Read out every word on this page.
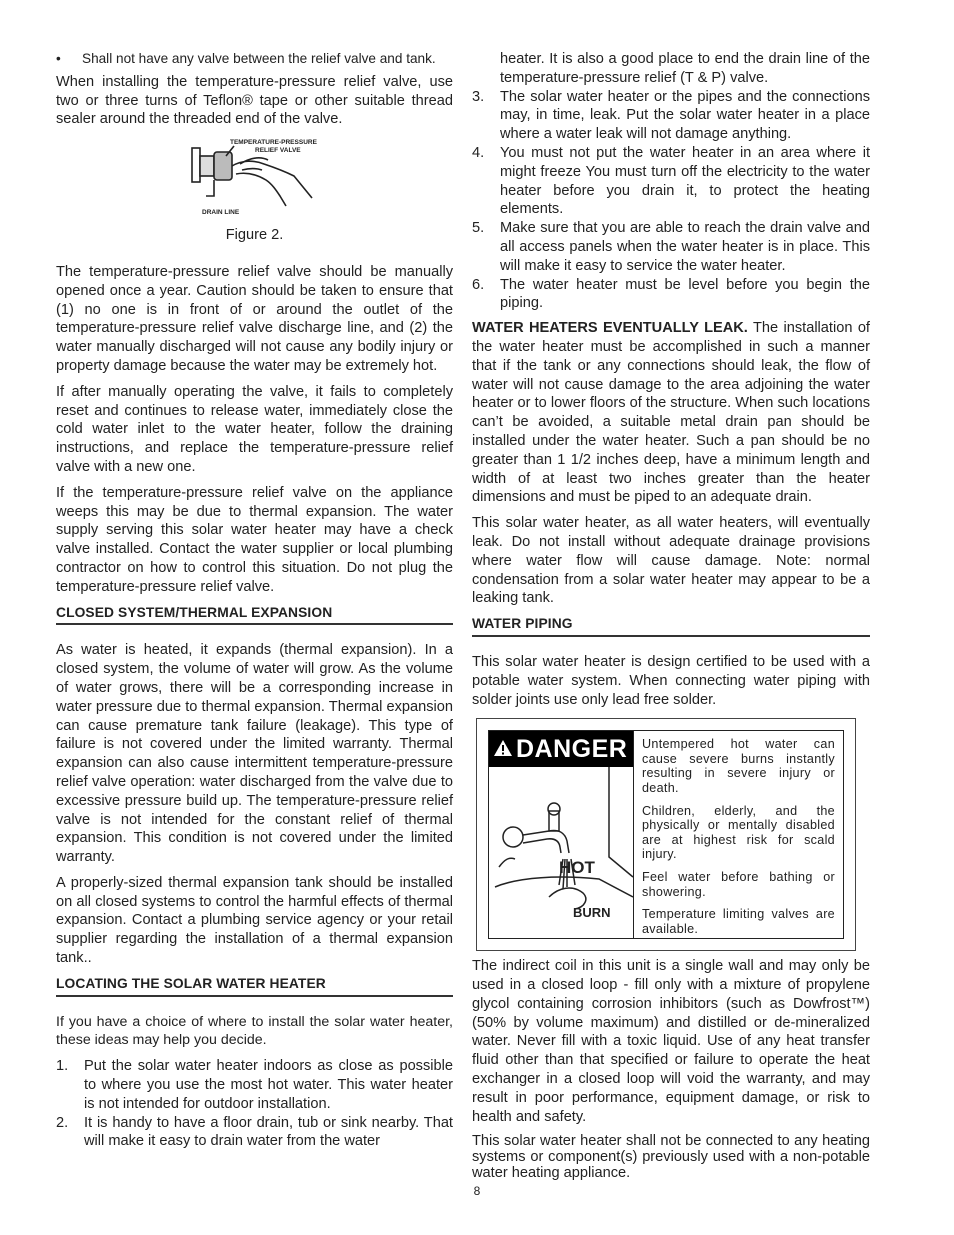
•	Shall not have any valve between the relief valve and tank.

When installing the temperature-pressure relief valve, use two or three turns of Teflon® tape or other suitable thread sealer around the threaded end of the valve.

TEMPERATURE-PRESSURE
RELIEF VALVE
DRAIN LINE
Figure 2.

The temperature-pressure relief valve should be manually opened once a year. Caution should be taken to ensure that (1) no one is in front of or around the outlet of the temperature-pressure relief valve discharge line, and (2) the water manually discharged will not cause any bodily injury or property damage because the water may be extremely hot.

If after manually operating the valve, it fails to completely reset and continues to release water, immediately close the cold water inlet to the water heater, follow the draining instructions, and replace the temperature-pressure relief valve with a new one.

If the temperature-pressure relief valve on the appliance weeps this may be due to thermal expansion. The water supply serving this solar water heater may have a check valve installed. Contact the water supplier or local plumbing contractor on how to control this situation. Do not plug the temperature-pressure relief valve.

CLOSED SYSTEM/THERMAL EXPANSION

As water is heated, it expands (thermal expansion). In a closed system, the volume of water will grow. As the volume of water grows, there will be a corresponding increase in water pressure due to thermal expansion. Thermal expansion can cause premature tank failure (leakage). This type of failure is not covered under the limited warranty. Thermal expansion can also cause intermittent temperature-pressure relief valve operation: water discharged from the valve due to excessive pressure build up. The temperature-pressure relief valve is not intended for the constant relief of thermal expansion. This condition is not covered under the limited warranty.

A properly-sized thermal expansion tank should be installed on all closed systems to control the harmful effects of thermal expansion. Contact a plumbing service agency or your retail supplier regarding the installation of a thermal expansion tank..

LOCATING THE SOLAR WATER HEATER

If you have a choice of where to install the solar water heater, these ideas may help you decide.

1.	Put the solar water heater indoors as close as possible to where you use the most hot water. This water heater is not intended for outdoor installation.
2.	It is handy to have a floor drain, tub or sink nearby. That will make it easy to drain water from the water
heater. It is also a good place to end the drain line of the temperature-pressure relief (T & P) valve.
3.	The solar water heater or the pipes and the connections may, in time, leak. Put the solar water heater in a place where a water leak will not damage anything.
4.	You must not put the water heater in an area where it might freeze You must turn off the electricity to the water heater before you drain it, to protect the heating elements.
5.	Make sure that you are able to reach the drain valve and all access panels when the water heater is in place. This will make it easy to service the water heater.
6.	The water heater must be level before you begin the piping.

WATER HEATERS EVENTUALLY LEAK. The installation of the water heater must be accomplished in such a manner that if the tank or any connections should leak, the flow of water will not cause damage to the area adjoining the water heater or to lower floors of the structure. When such locations can’t be avoided, a suitable metal drain pan should be installed under the water heater. Such a pan should be no greater than 1 1/2 inches deep, have a minimum length and width of at least two inches greater than the heater dimensions and must be piped to an adequate drain.

This solar water heater, as all water heaters, will eventually leak. Do not install without adequate drainage provisions where water flow will cause damage. Note: normal condensation from a solar water heater may appear to be a leaking tank.

WATER PIPING

This solar water heater is design certified to be used with a potable water system. When connecting water piping with solder joints use only lead free solder.

DANGER
HOT
BURN
Untempered hot water can cause severe burns instantly resulting in severe injury or death.
Children, elderly, and the physically or mentally disabled are at highest risk for scald injury.
Feel water before bathing or showering.
Temperature limiting valves are available.

The indirect coil in this unit is a single wall and may only be used in a closed loop - fill only with a mixture of propylene glycol containing corrosion inhibitors (such as Dowfrost™) (50% by volume maximum) and distilled or de-mineralized water. Never fill with a toxic liquid. Use of any heat transfer fluid other than that specified or failure to operate the heat exchanger in a closed loop will void the warranty, and may result in poor performance, equipment damage, or risk to health and safety.

This solar water heater shall not be connected to any heating systems or component(s) previously used with a non-potable water heating appliance.

8
